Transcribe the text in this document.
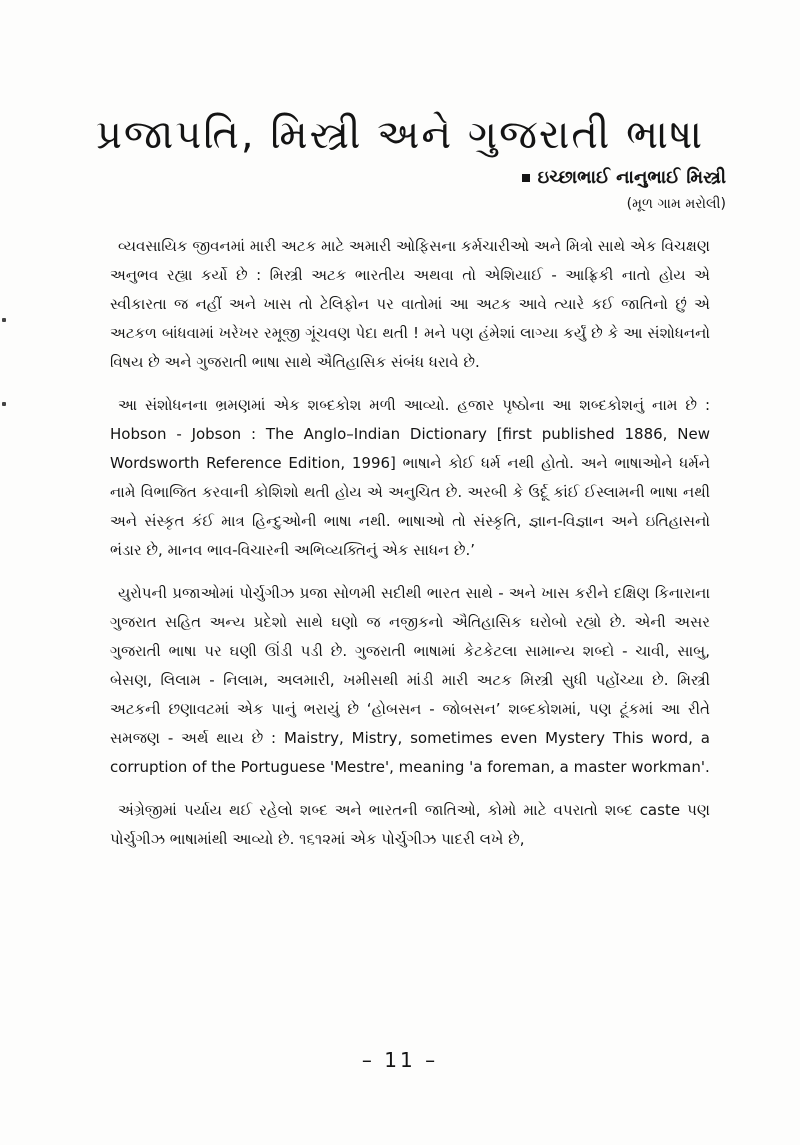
પ્રજાપતિ, મિસ્ત્રી અને ગુજરાતી ભાષા
ઇચ્છાભાઈ નાનુભાઈ મિસ્ત્રી
(મૂળ ગામ મરોલી)

વ્યવસાયિક જીવનમાં મારી અટક માટે અમારી ઓફિસના કર્મચારીઓ અને મિત્રો સાથે એક વિચક્ષણ અનુભવ રહ્યા કર્યો છે : મિસ્ત્રી અટક ભારતીય અથવા તો એશિયાઈ - આફ્રિકી નાતો હોય એ સ્વીકારતા જ નહીં અને ખાસ તો ટેલિફોન પર વાતોમાં આ અટક આવે ત્યારે કઈ જાતિનો છું એ અટકળ બાંધવામાં ખરેખર રમૂજી ગૂંચવણ પેદા થતી ! મને પણ હંમેશાં લાગ્યા કર્યું છે કે આ સંશોધનનો વિષય છે અને ગુજરાતી ભાષા સાથે ઐતિહાસિક સંબંધ ધરાવે છે.

આ સંશોધનના ભ્રમણમાં એક શબ્દકોશ મળી આવ્યો. હજાર પૃષ્ઠોના આ શબ્દકોશનું નામ છે : Hobson - Jobson : The Anglo–Indian Dictionary [first published 1886, New Wordsworth Reference Edition, 1996] ભાષાને કોઈ ધર્મ નથી હોતો. અને ભાષાઓને ધર્મને નામે વિભાજિત કરવાની કોશિશો થતી હોય એ અનુચિત છે. અરબી કે ઉર્દૂ કાંઈ ઈસ્લામની ભાષા નથી અને સંસ્કૃત કંઈ માત્ર હિન્દુઓની ભાષા નથી. ભાષાઓ તો સંસ્કૃતિ, જ્ઞાન-વિજ્ઞાન અને ઇતિહાસનો ભંડાર છે, માનવ ભાવ-વિચારની અભિવ્યક્તિનું એક સાધન છે.’

યુરોપની પ્રજાઓમાં પોર્ચુગીઝ પ્રજા સોળમી સદીથી ભારત સાથે - અને ખાસ કરીને દક્ષિણ કિનારાના ગુજરાત સહિત અન્ય પ્રદેશો સાથે ઘણો જ નજીકનો ઐતિહાસિક ઘરોબો રહ્યો છે. એની અસર ગુજરાતી ભાષા પર ઘણી ઊંડી પડી છે. ગુજરાતી ભાષામાં કેટકેટલા સામાન્ય શબ્દો - ચાવી, સાબુ, બેસણ, લિલામ - નિલામ, અલમારી, ખમીસથી માંડી મારી અટક મિસ્ત્રી સુધી પહોંચ્યા છે. મિસ્ત્રી અટકની છણાવટમાં એક પાનું ભરાયું છે ‘હોબસન - જોબસન’ શબ્દકોશમાં, પણ ટૂંકમાં આ રીતે સમજણ - અર્થ થાય છે : Maistry, Mistry, sometimes even Mystery This word, a corruption of the Portuguese 'Mestre', meaning 'a foreman, a master workman'.

અંગ્રેજીમાં પર્યાય થઈ રહેલો શબ્દ અને ભારતની જાતિઓ, કોમો માટે વપરાતો શબ્દ caste પણ પોર્ચુગીઝ ભાષામાંથી આવ્યો છે. ૧૬૧૨માં એક પોર્ચુગીઝ પાદરી લખે છે,

– 11 –
